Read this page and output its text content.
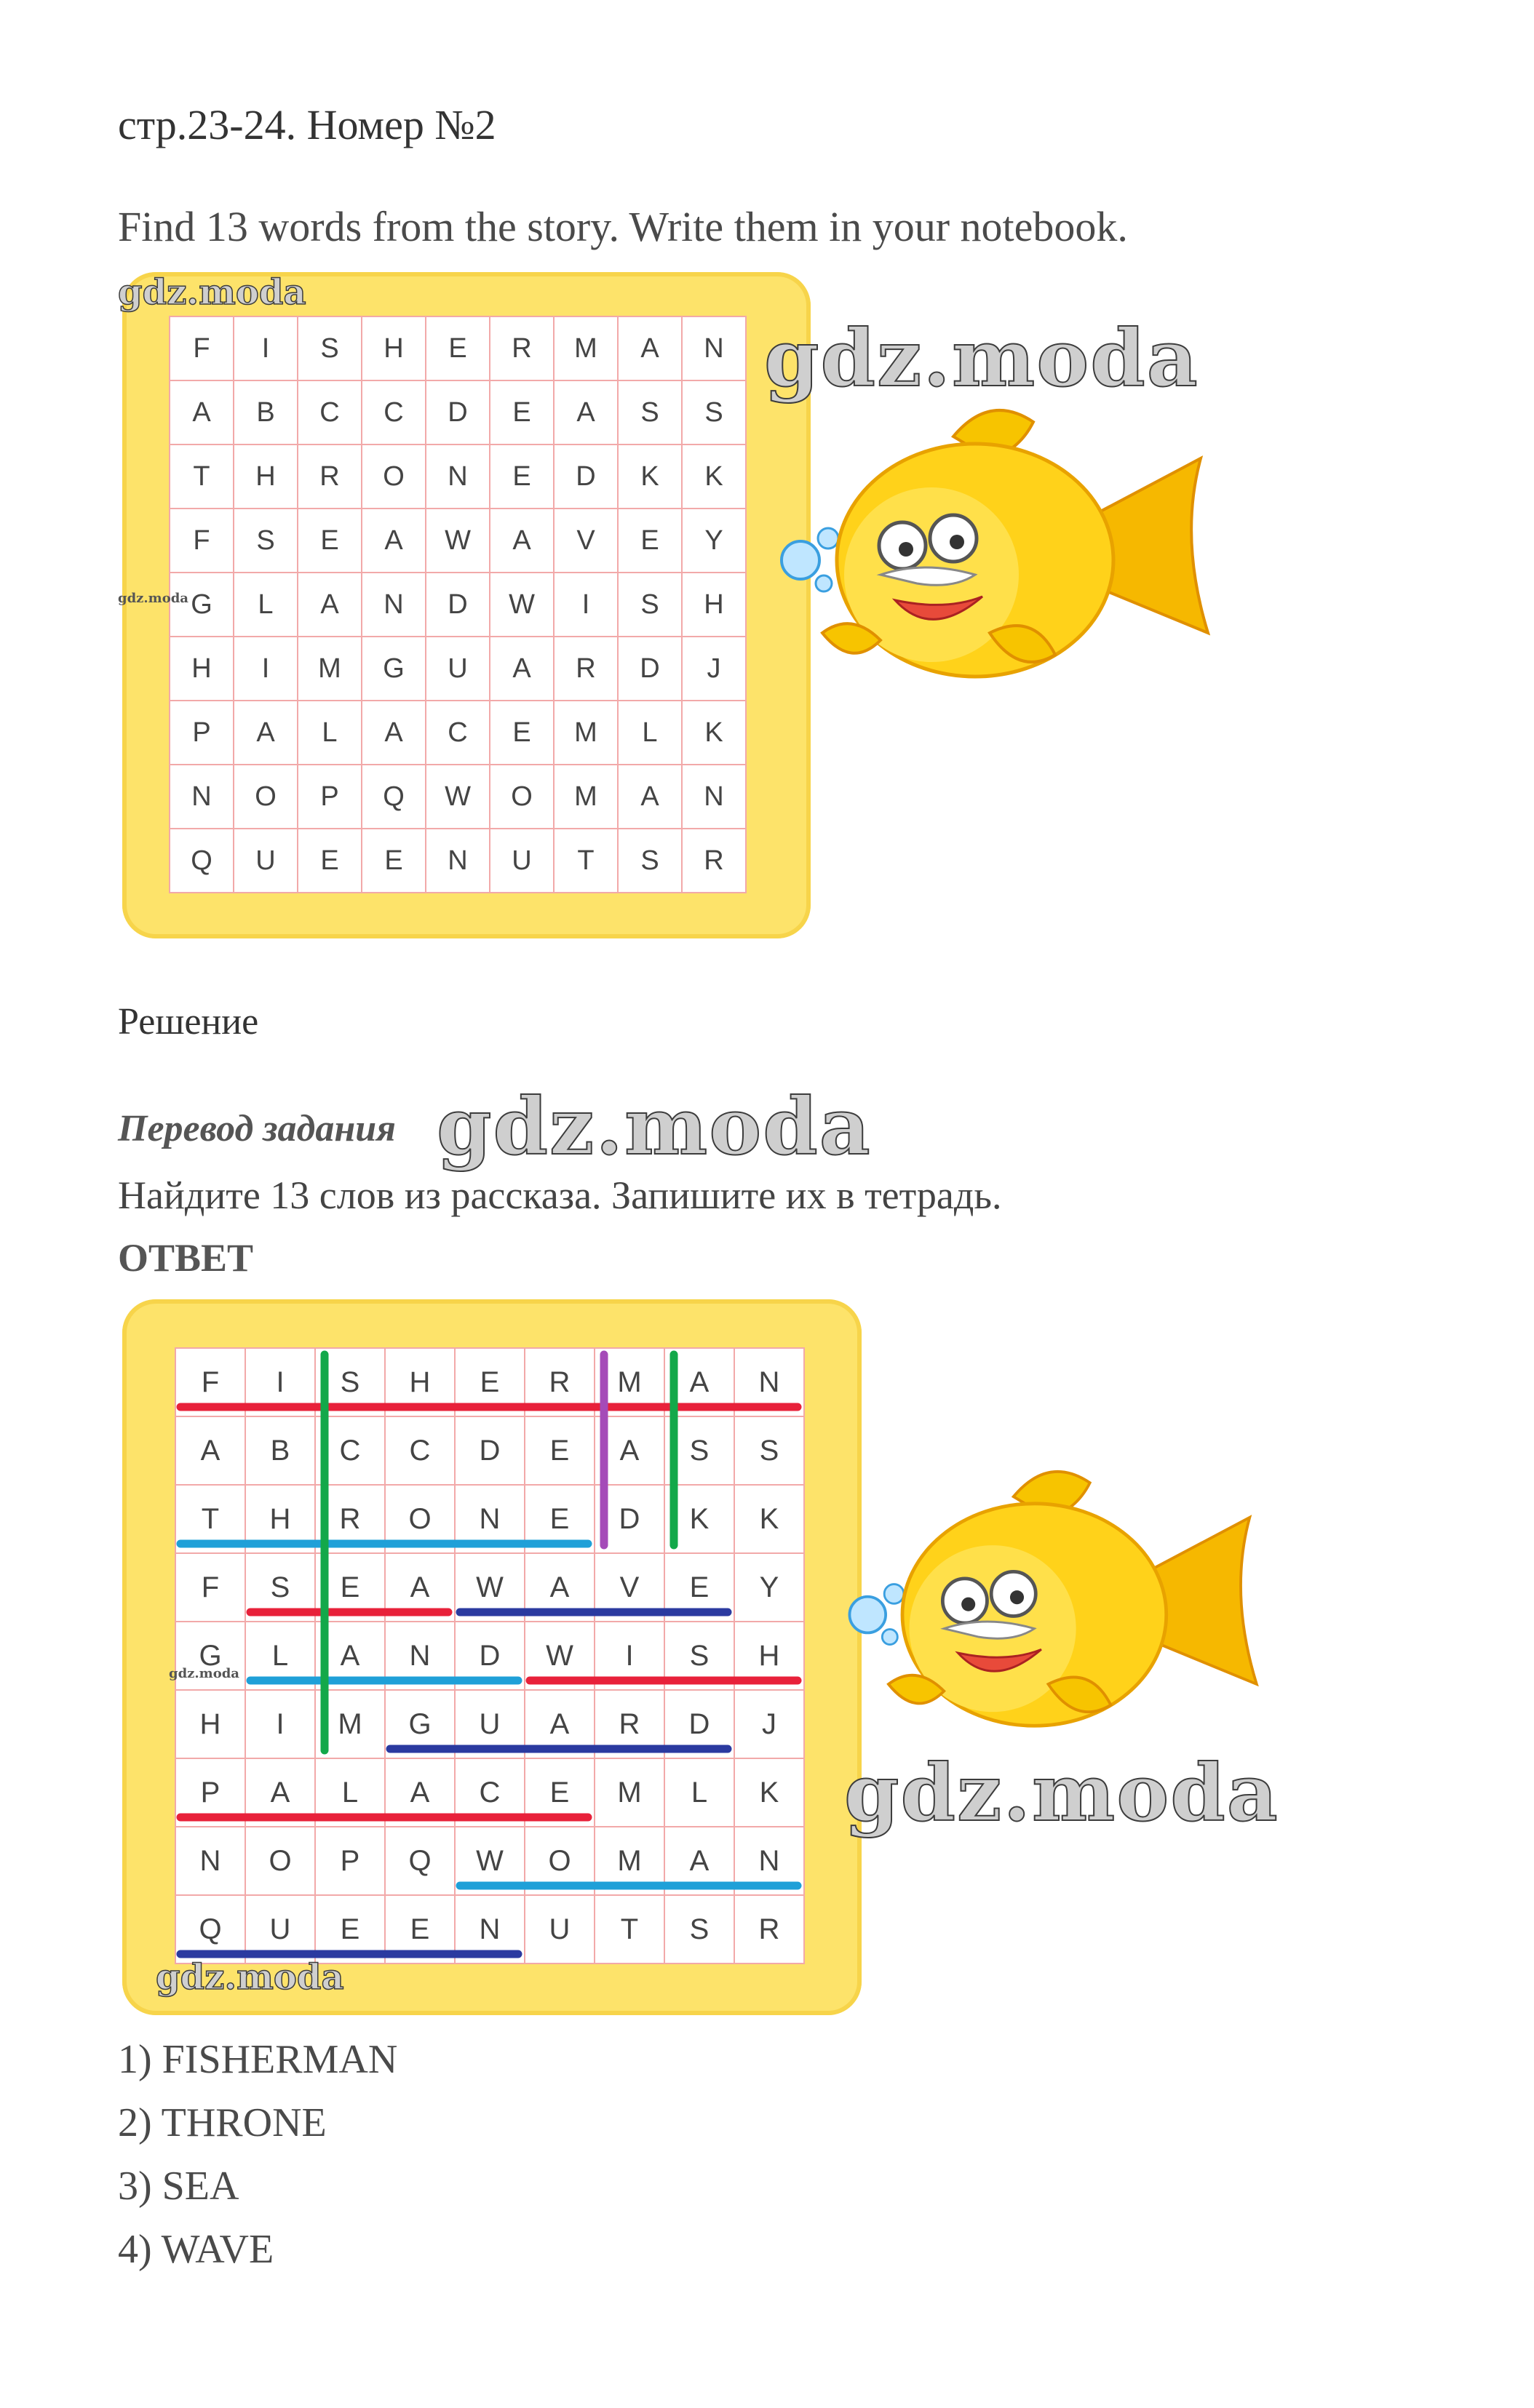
стр.23-24. Номер №2
Find 13 words from the story. Write them in your notebook.
F	I	S	H	E	R	M	A	N
A	B	C	C	D	E	A	S	S
T	H	R	O	N	E	D	K	K
F	S	E	A	W	A	V	E	Y
G	L	A	N	D	W	I	S	H
H	I	M	G	U	A	R	D	J
P	A	L	A	C	E	M	L	K
N	O	P	Q	W	O	M	A	N
Q	U	E	E	N	U	T	S	R
gdz.moda
gdz.moda
gdz.moda
Решение
Перевод задания gdz.moda
Найдите 13 слов из рассказа. Запишите их в тетрадь.
ОТВЕТ
F	I	S	H	E	R	M	A	N
A	B	C	C	D	E	A	S	S
T	H	R	O	N	E	D	K	K
F	S	E	A	W	A	V	E	Y
G	L	A	N	D	W	I	S	H
H	I	M	G	U	A	R	D	J
P	A	L	A	C	E	M	L	K
N	O	P	Q	W	O	M	A	N
Q	U	E	E	N	U	T	S	R
gdz.moda
gdz.moda
gdz.moda
1) FISHERMAN
2) THRONE
3) SEA
4) WAVE
